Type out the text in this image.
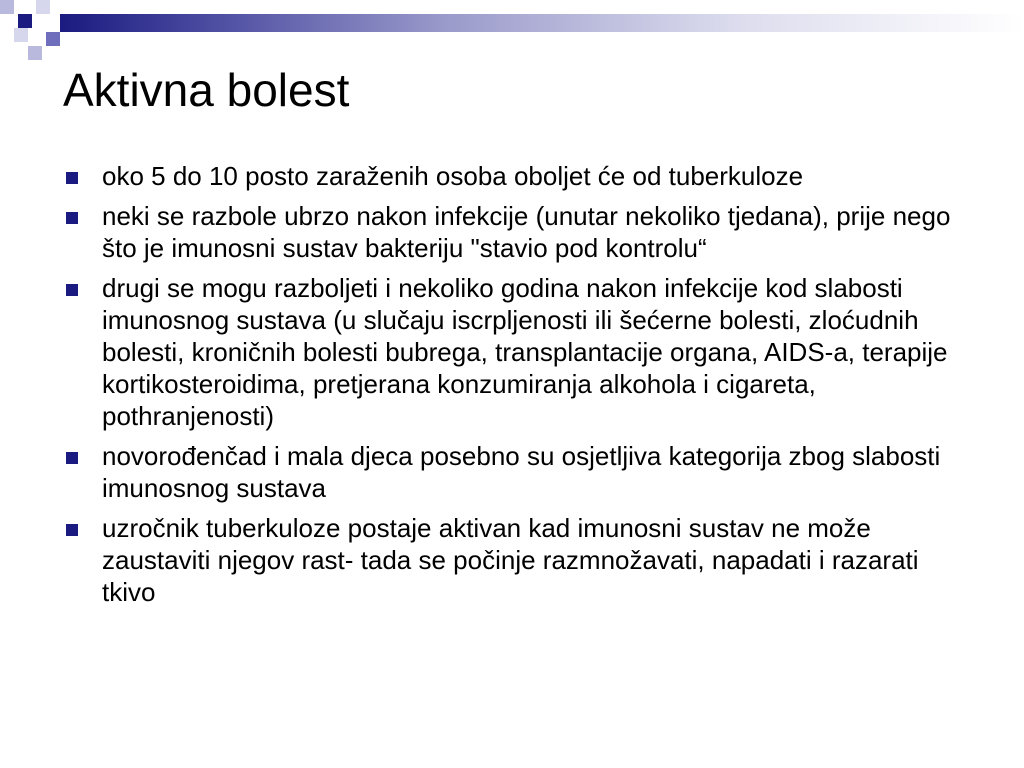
Aktivna bolest
oko 5 do 10 posto zaraženih osoba oboljet će od tuberkuloze
neki se razbole ubrzo nakon infekcije (unutar nekoliko tjedana), prije nego što je imunosni sustav bakteriju "stavio pod kontrolu“
drugi se mogu razboljeti i nekoliko godina nakon infekcije kod slabosti imunosnog sustava (u slučaju iscrpljenosti ili šećerne bolesti, zloćudnih bolesti, kroničnih bolesti bubrega, transplantacije organa, AIDS-a, terapije kortikosteroidima, pretjerana konzumiranja alkohola i cigareta, pothranjenosti)
novorođenčad i mala djeca posebno su osjetljiva kategorija zbog slabosti imunosnog sustava
uzročnik tuberkuloze postaje aktivan kad imunosni sustav ne može zaustaviti njegov rast- tada se počinje razmnožavati, napadati i razarati tkivo
